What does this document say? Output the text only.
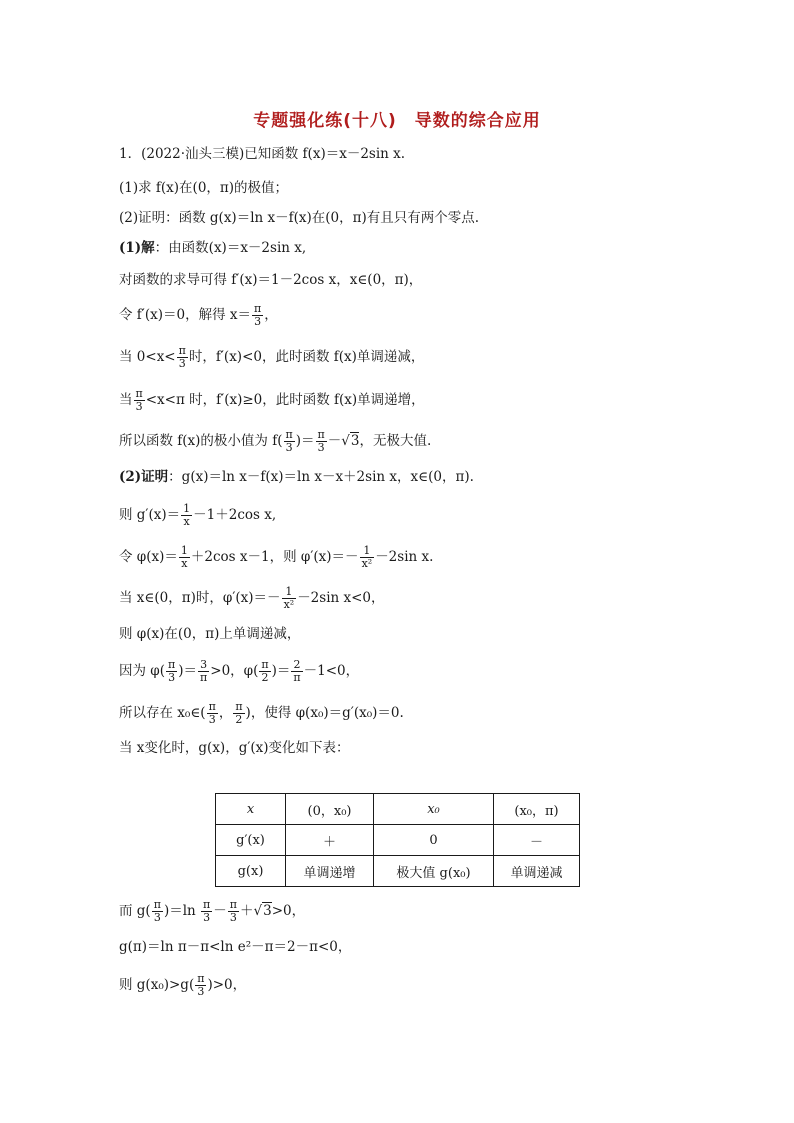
专题强化练(十八)　导数的综合应用
1．(2022·汕头三模)已知函数 f(x)＝x－2sin x.
(1)求 f(x)在(0，π)的极值；
(2)证明：函数 g(x)＝ln x－f(x)在(0，π)有且只有两个零点.
(1)解：由函数(x)＝x－2sin x,
对函数的求导可得 f′(x)＝1－2cos x，x∈(0，π)，
令 f′(x)＝0，解得 $x= \frac{\pi}{3}$ ，
当 $0<x< \frac{\pi}{3}$ 时，f′(x)<0，此时函数 f(x)单调递减，
当 $\frac{\pi}{3} <x<\pi$ 时，f′(x)≥0，此时函数 f(x)单调递增，
所以函数 f(x)的极小值为 $f( \frac{\pi}{3}$ )＝ $\frac{\pi}{3} -√3$，无极大值.
(2)证明：g(x)＝ln x－f(x)＝ln x－x＋2sin x，x∈(0，π).
则 $g'(x)= \frac{1}{x} -1+2\cos$ x,
令 $\varphi(x)= \frac{1}{x} +2\cos$ x－1，则 $\varphi'(x)=- \frac{1}{\text{x²}} -2\sin$ x.
当 x∈(0，π)时，$\varphi'(x)=- \frac{1}{\text{x²}} -2\sin$ x<0，
则 φ(x)在(0，π)上单调递减，
因为 $\varphi( \frac{\pi}{3}$ )＝ $\frac{3}{\pi} >0$，$\varphi( \frac{\pi}{2}$ )＝ $\frac{2}{\pi} -1<0$，
所以存在 x₀∈( $\frac{\pi}{3}$ ， $\frac{\pi}{2}$ )，使得 φ(x₀)＝g′(x₀)＝0.
当 x变化时，g(x)，g′(x)变化如下表：
x	(0，x₀)	x₀	(x₀，π)
g′(x)	＋	0	－
g(x)	单调递增	极大值 g(x₀)	单调递减
而 $g( \frac{\pi}{3} )=\ln \frac{\pi}{3} - \frac{\pi}{3} +√3>0$，
g(π)＝ln π－π<ln e²－π＝2－π<0，
则 $g(x_0)>g( \frac{\pi}{3} )>0$，
